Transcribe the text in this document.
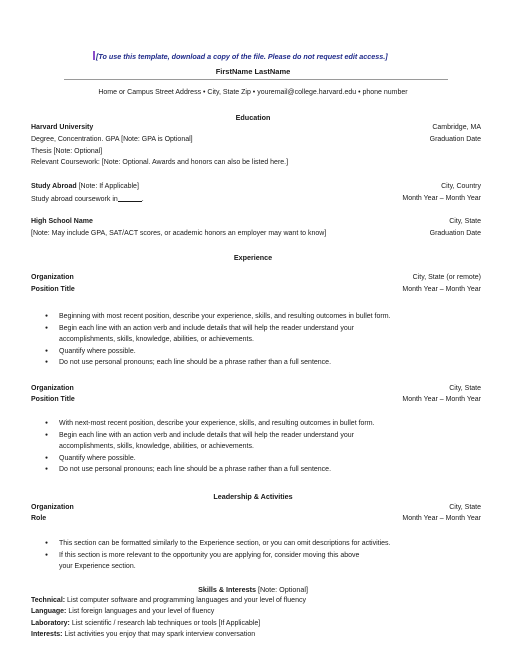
[To use this template, download a copy of the file. Please do not request edit access.]
FirstName LastName
Home or Campus Street Address • City, State Zip • youremail@college.harvard.edu • phone number
Education
Harvard University	Cambridge, MA
Degree, Concentration. GPA [Note: GPA is Optional]	Graduation Date
Thesis [Note: Optional]
Relevant Coursework: [Note: Optional. Awards and honors can also be listed here.]
Study Abroad [Note: If Applicable]	City, Country
Study abroad coursework in	.	Month Year – Month Year
High School Name	City, State
[Note: May include GPA, SAT/ACT scores, or academic honors an employer may want to know]	Graduation Date
Experience
Organization	City, State (or remote)
Position Title	Month Year – Month Year
● Beginning with most recent position, describe your experience, skills, and resulting outcomes in bullet form.
● Begin each line with an action verb and include details that will help the reader understand your
accomplishments, skills, knowledge, abilities, or achievements.
● Quantify where possible.
● Do not use personal pronouns; each line should be a phrase rather than a full sentence.
Organization	City, State
Position Title	Month Year – Month Year
● With next-most recent position, describe your experience, skills, and resulting outcomes in bullet form.
● Begin each line with an action verb and include details that will help the reader understand your
accomplishments, skills, knowledge, abilities, or achievements.
● Quantify where possible.
● Do not use personal pronouns; each line should be a phrase rather than a full sentence.
Leadership & Activities
Organization	City, State
Role	Month Year – Month Year
● This section can be formatted similarly to the Experience section, or you can omit descriptions for activities.
● If this section is more relevant to the opportunity you are applying for, consider moving this above
your Experience section.
Skills & Interests [Note: Optional]
Technical: List computer software and programming languages and your level of fluency
Language: List foreign languages and your level of fluency
Laboratory: List scientific / research lab techniques or tools [If Applicable]
Interests: List activities you enjoy that may spark interview conversation
